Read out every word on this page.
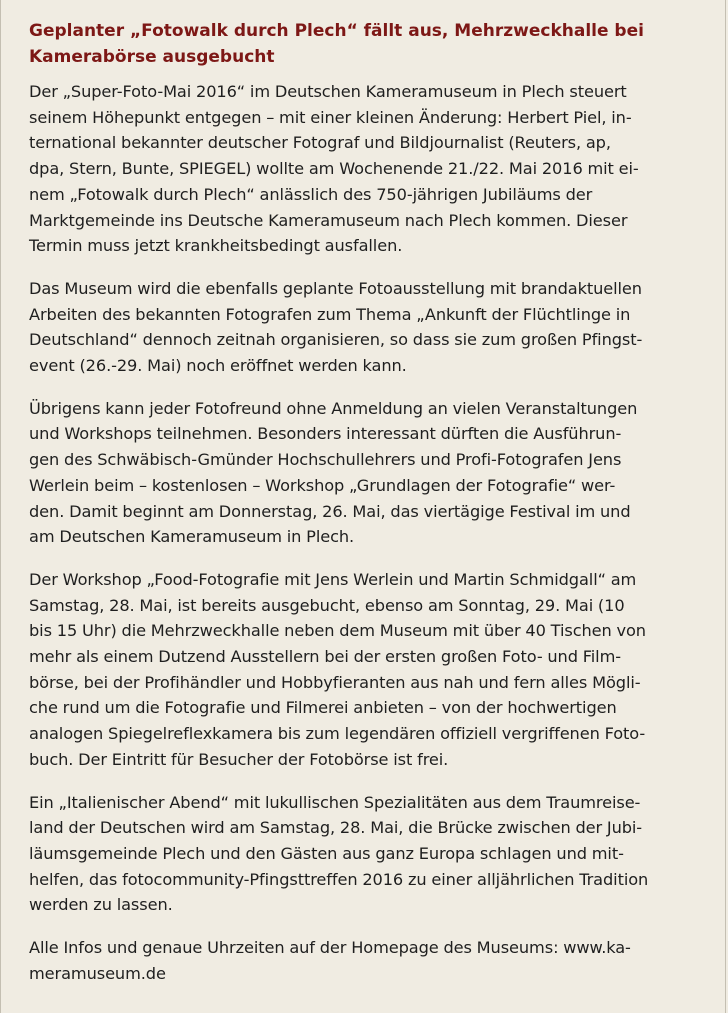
Geplanter „Fotowalk durch Plech“ fällt aus, Mehrzweckhalle bei
Kamerabörse ausgebucht

Der „Super-Foto-Mai 2016“ im Deutschen Kameramuseum in Plech steuert
seinem Höhepunkt entgegen – mit einer kleinen Änderung: Herbert Piel, in-
ternational bekannter deutscher Fotograf und Bildjournalist (Reuters, ap,
dpa, Stern, Bunte, SPIEGEL) wollte am Wochenende 21./22. Mai 2016 mit ei-
nem „Fotowalk durch Plech“ anlässlich des 750-jährigen Jubiläums der
Marktgemeinde ins Deutsche Kameramuseum nach Plech kommen. Dieser
Termin muss jetzt krankheitsbedingt ausfallen.

Das Museum wird die ebenfalls geplante Fotoausstellung mit brandaktuellen
Arbeiten des bekannten Fotografen zum Thema „Ankunft der Flüchtlinge in
Deutschland“ dennoch zeitnah organisieren, so dass sie zum großen Pfingst-
event (26.-29. Mai) noch eröffnet werden kann.

Übrigens kann jeder Fotofreund ohne Anmeldung an vielen Veranstaltungen
und Workshops teilnehmen. Besonders interessant dürften die Ausführun-
gen des Schwäbisch-Gmünder Hochschullehrers und Profi-Fotografen Jens
Werlein beim – kostenlosen – Workshop „Grundlagen der Fotografie“ wer-
den. Damit beginnt am Donnerstag, 26. Mai, das viertägige Festival im und
am Deutschen Kameramuseum in Plech.

Der Workshop „Food-Fotografie mit Jens Werlein und Martin Schmidgall“ am
Samstag, 28. Mai, ist bereits ausgebucht, ebenso am Sonntag, 29. Mai (10
bis 15 Uhr) die Mehrzweckhalle neben dem Museum mit über 40 Tischen von
mehr als einem Dutzend Ausstellern bei der ersten großen Foto- und Film-
börse, bei der Profihändler und Hobbyfieranten aus nah und fern alles Mögli-
che rund um die Fotografie und Filmerei anbieten – von der hochwertigen
analogen Spiegelreflexkamera bis zum legendären offiziell vergriffenen Foto-
buch. Der Eintritt für Besucher der Fotobörse ist frei.

Ein „Italienischer Abend“ mit lukullischen Spezialitäten aus dem Traumreise-
land der Deutschen wird am Samstag, 28. Mai, die Brücke zwischen der Jubi-
läumsgemeinde Plech und den Gästen aus ganz Europa schlagen und mit-
helfen, das fotocommunity-Pfingsttreffen 2016 zu einer alljährlichen Tradition
werden zu lassen.

Alle Infos und genaue Uhrzeiten auf der Homepage des Museums: www.ka-
meramuseum.de
